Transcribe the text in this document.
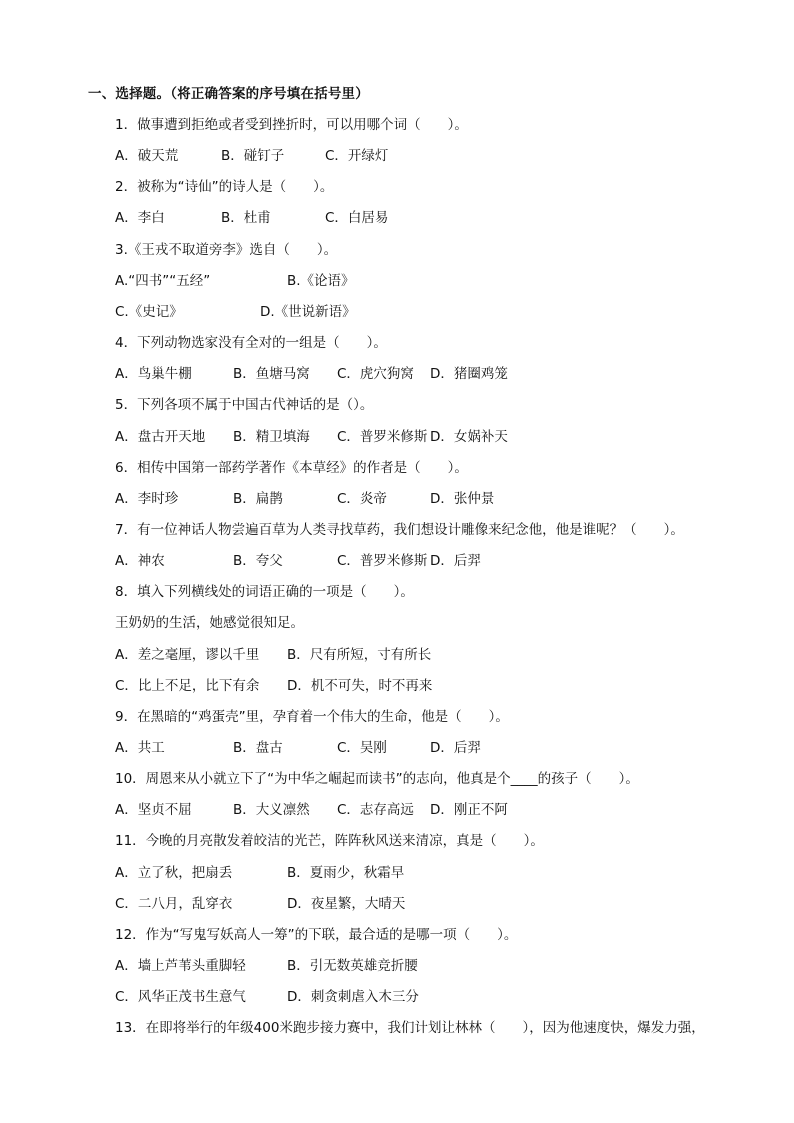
一、选择题。（将正确答案的序号填在括号里）
1．做事遭到拒绝或者受到挫折时，可以用哪个词（　　）。
A．破天荒	B．碰钉子	C．开绿灯
2．被称为“诗仙”的诗人是（　　）。
A．李白	B．杜甫	C．白居易
3.《王戎不取道旁李》选自（　　）。
A.“四书”“五经”	B.《论语》
C.《史记》	D.《世说新语》
4．下列动物选家没有全对的一组是（　　）。
A．鸟巢牛棚	B．鱼塘马窝 C．虎穴狗窝 D．猪圈鸡笼
5．下列各项不属于中国古代神话的是（）。
A．盘古开天地 B．精卫填海 C．普罗米修斯 D．女娲补天
6．相传中国第一部药学著作《本草经》的作者是（　　）。
A．李时珍	B．扁鹊	C．炎帝	D．张仲景
7．有一位神话人物尝遍百草为人类寻找草药，我们想设计雕像来纪念他，他是谁呢？（　　）。
A．神农	B．夸父	C．普罗米修斯 D．后羿
8．填入下列横线处的词语正确的一项是（　　）。
王奶奶的生活，她感觉很知足。
A．差之毫厘，谬以千里 B．尺有所短，寸有所长
C．比上不足，比下有余 D．机不可失，时不再来
9．在黑暗的“鸡蛋壳”里，孕育着一个伟大的生命，他是（　　）。
A．共工	B．盘古	C．吴刚	D．后羿
10．周恩来从小就立下了“为中华之崛起而读书”的志向，他真是个____的孩子（　　）。
A．坚贞不屈	B．大义凛然 C．志存高远 D．刚正不阿
11．今晚的月亮散发着皎洁的光芒，阵阵秋风送来清凉，真是（　　）。
A．立了秋，把扇丢	B．夏雨少，秋霜早
C．二八月，乱穿衣	D．夜星繁，大晴天
12．作为“写鬼写妖高人一筹”的下联，最合适的是哪一项（　　）。
A．墙上芦苇头重脚轻	B．引无数英雄竞折腰
C．风华正茂书生意气	D．刺贪刺虐入木三分
13．在即将举行的年级400米跑步接力赛中，我们计划让林林（　　），因为他速度快，爆发力强，
